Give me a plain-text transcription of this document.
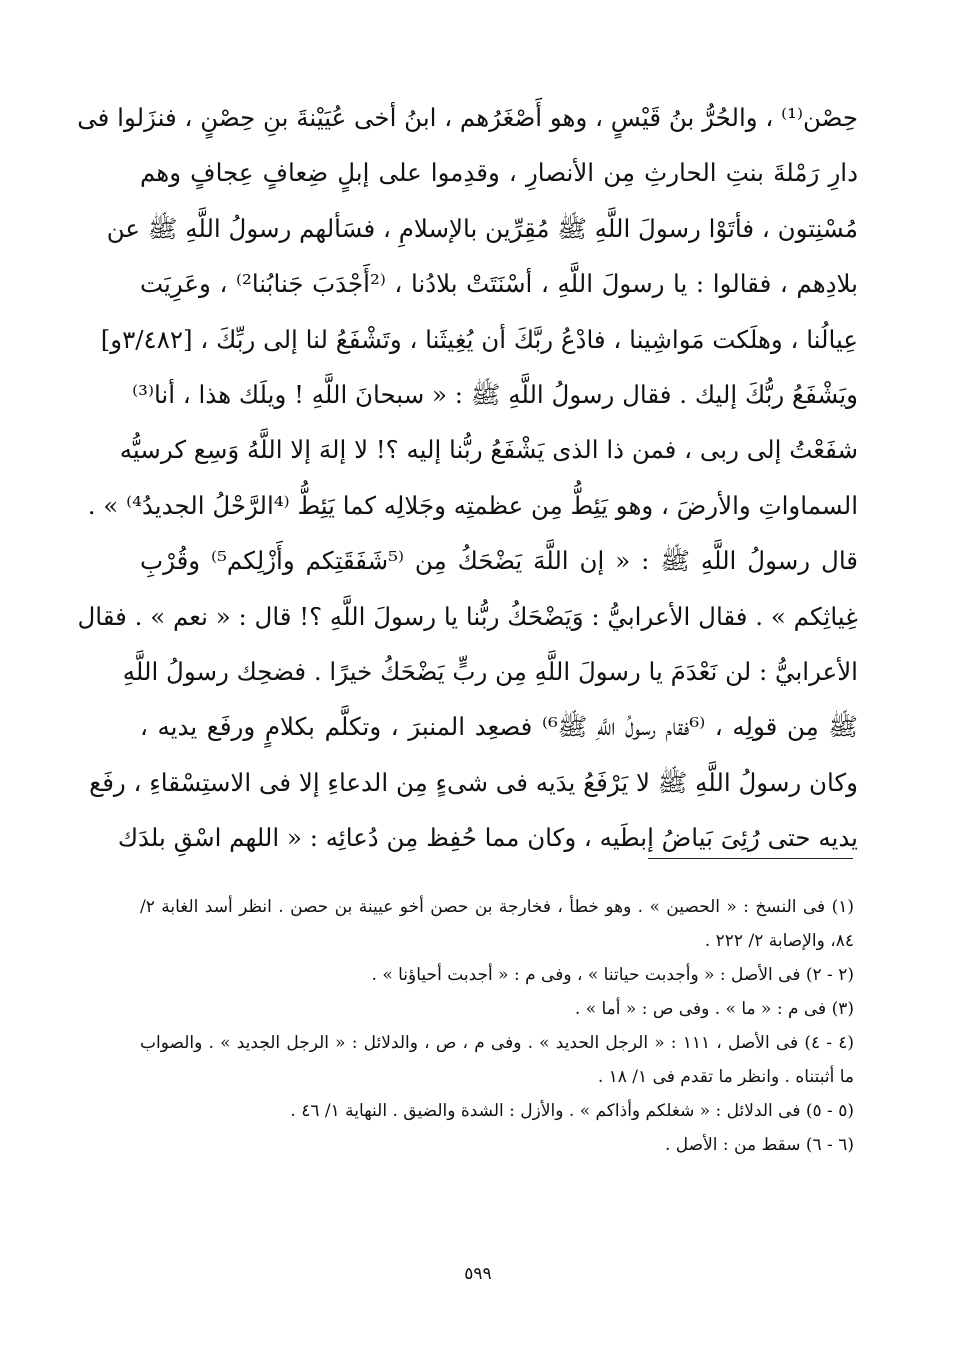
حِصْن⁽¹⁾ ، والحُرُّ بنُ قَيْسٍ ، وهو أَصْغَرُهم ، ابنُ أخى عُيَيْنةَ بنِ حِصْنٍ ، فنزَلوا فى
دارِ رَمْلةَ بنتِ الحارثِ مِن الأنصارِ ، وقدِموا على إبلٍ ضِعافٍ عِجافٍ وهم
مُسْنِتون ، فأتَوْا رسولَ اللَّهِ ﷺ مُقِرِّين بالإسلامِ ، فسَألهم رسولُ اللَّهِ ﷺ عن
بلادِهم ، فقالوا : يا رسولَ اللَّهِ ، أسْنَتَتْ بلادُنا ، ⁽²أَجْدَبَ جَنابُنا²⁾ ، وعَرِيَت
عِيالُنا ، وهلَكت مَواشِينا ، فادْعُ ربَّكَ أن يُغِيثَنا ، وتَشْفَعُ لنا إلى ربِّكَ ، [٣/٤٨٢و]
ويَشْفَعُ ربُّكَ إليك . فقال رسولُ اللَّهِ ﷺ : « سبحانَ اللَّهِ ! ويلَك هذا ، أنا⁽³⁾
شفَعْتُ إلى ربى ، فمن ذا الذى يَشْفَعُ ربُّنا إليه ؟! لا إلهَ إلا اللَّهُ وَسِع كرسيُّه
السماواتِ والأرضَ ، وهو يَئِطُّ مِن عظمتِه وجَلالِه كما يَئِطُّ ⁽⁴الرَّحْلُ الجديدُ⁴⁾ » .
قال رسولُ اللَّهِ ﷺ : « إن اللَّهَ يَضْحَكُ مِن ⁽⁵شَفَقَتِكم وأَزْلِكم⁵⁾ وقُرْبِ
غِياثِكم » . فقال الأعرابيُّ : وَيَضْحَكُ ربُّنا يا رسولَ اللَّهِ ؟! قال : « نعم » . فقال
الأعرابيُّ : لن نَعْدَمَ يا رسولَ اللَّهِ مِن ربٍّ يَضْحَكُ خيرًا . فضحِك رسولُ اللَّهِ
ﷺ مِن قولِه ، ⁽⁶فقام رسولُ اللَّهِ ﷺ⁶⁾ فصعِد المنبرَ ، وتكلَّم بكلامٍ ورفَع يديه ،
وكان رسولُ اللَّهِ ﷺ لا يَرْفَعُ يدَيه فى شىءٍ مِن الدعاءِ إلا فى الاستِسْقاءِ ، رفَع
يديه حتى رُئِىَ بَياضُ إبطَيه ، وكان مما حُفِظ مِن دُعائِه : « اللهم اسْقِ بلدَك
(١) فى النسخ : « الحصين » . وهو خطأ ، فخارجة بن حصن أخو عيينة بن حصن . انظر أسد الغابة ٢/
٨٤، والإصابة ٢/ ٢٢٢ .
(٢ - ٢) فى الأصل : « وأجدبت حياتنا » ، وفى م : « أجدبت أحياؤنا » .
(٣) فى م : « ما » . وفى ص : « أما » .
(٤ - ٤) فى الأصل ، ١١١ : « الرجل الحديد » . وفى م ، ص ، والدلائل : « الرجل الجديد » . والصواب
ما أثبتناه . وانظر ما تقدم فى ١/ ١٨ .
(٥ - ٥) فى الدلائل : « شغلكم وأذاكم » . والأزل : الشدة والضيق . النهاية ١/ ٤٦ .
(٦ - ٦) سقط من : الأصل .
٥٩٩
